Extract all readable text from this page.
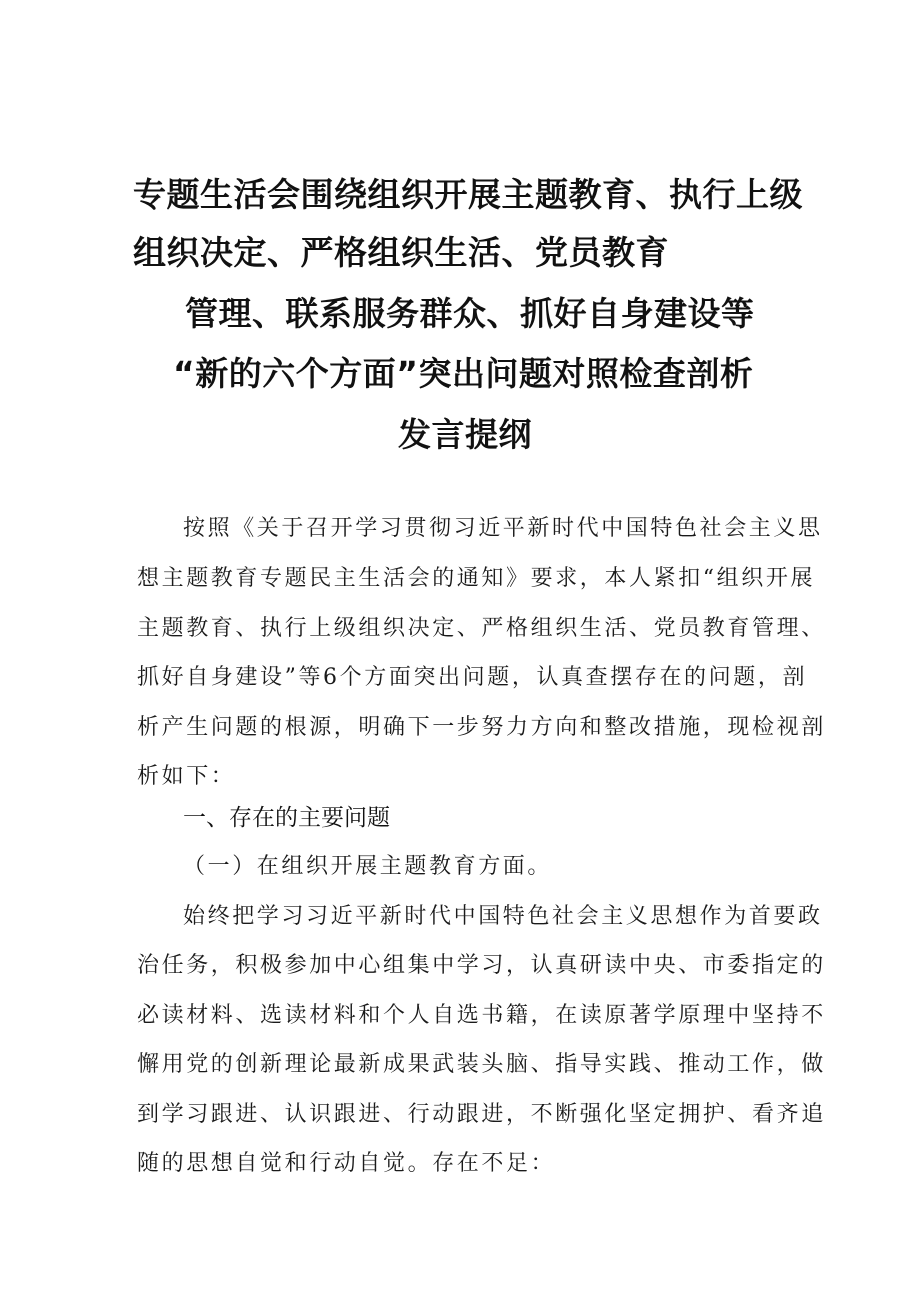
专题生活会围绕组织开展主题教育、执行上级
组织决定、严格组织生活、党员教育
管理、联系服务群众、抓好自身建设等
“新的六个方面”突出问题对照检查剖析
发言提纲
按照《关于召开学习贯彻习近平新时代中国特色社会主义思
想主题教育专题民主生活会的通知》要求，本人紧扣“组织开展
主题教育、执行上级组织决定、严格组织生活、党员教育管理、
抓好自身建设”等6个方面突出问题，认真查摆存在的问题，剖
析产生问题的根源，明确下一步努力方向和整改措施，现检视剖
析如下：
一、存在的主要问题
（一）在组织开展主题教育方面。
始终把学习习近平新时代中国特色社会主义思想作为首要政
治任务，积极参加中心组集中学习，认真研读中央、市委指定的
必读材料、选读材料和个人自选书籍，在读原著学原理中坚持不
懈用党的创新理论最新成果武装头脑、指导实践、推动工作，做
到学习跟进、认识跟进、行动跟进，不断强化坚定拥护、看齐追
随的思想自觉和行动自觉。存在不足：
